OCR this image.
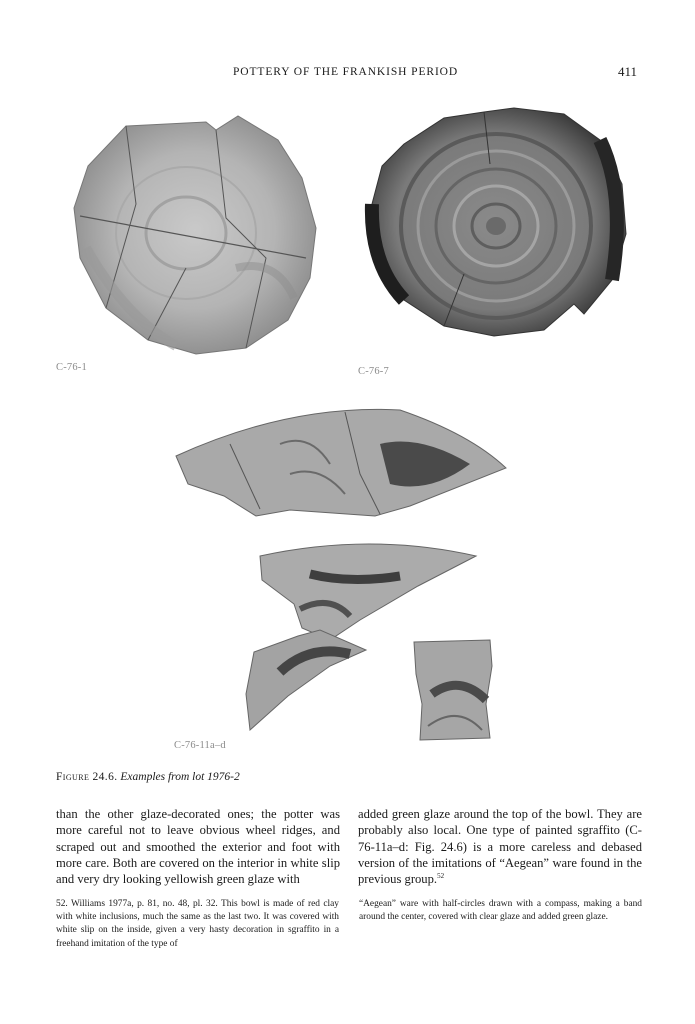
POTTERY OF THE FRANKISH PERIOD	411
C-76-1	C-76-7
C-76-11a–d
Figure 24.6. Examples from lot 1976-2
than the other glaze-decorated ones; the potter was more careful not to leave obvious wheel ridges, and scraped out and smoothed the exterior and foot with more care. Both are covered on the interior in white slip and very dry looking yellowish green glaze with
added green glaze around the top of the bowl. They are probably also local. One type of painted sgraffito (C-76-11a–d: Fig. 24.6) is a more careless and debased version of the imitations of “Aegean” ware found in the previous group.$^{52}$
52. Williams 1977a, p. 81, no. 48, pl. 32. This bowl is made of red clay with white inclusions, much the same as the last two. It was covered with white slip on the inside, given a very hasty decoration in sgraffito in a freehand imitation of the type of
“Aegean” ware with half-circles drawn with a compass, making a band around the center, covered with clear glaze and added green glaze.
